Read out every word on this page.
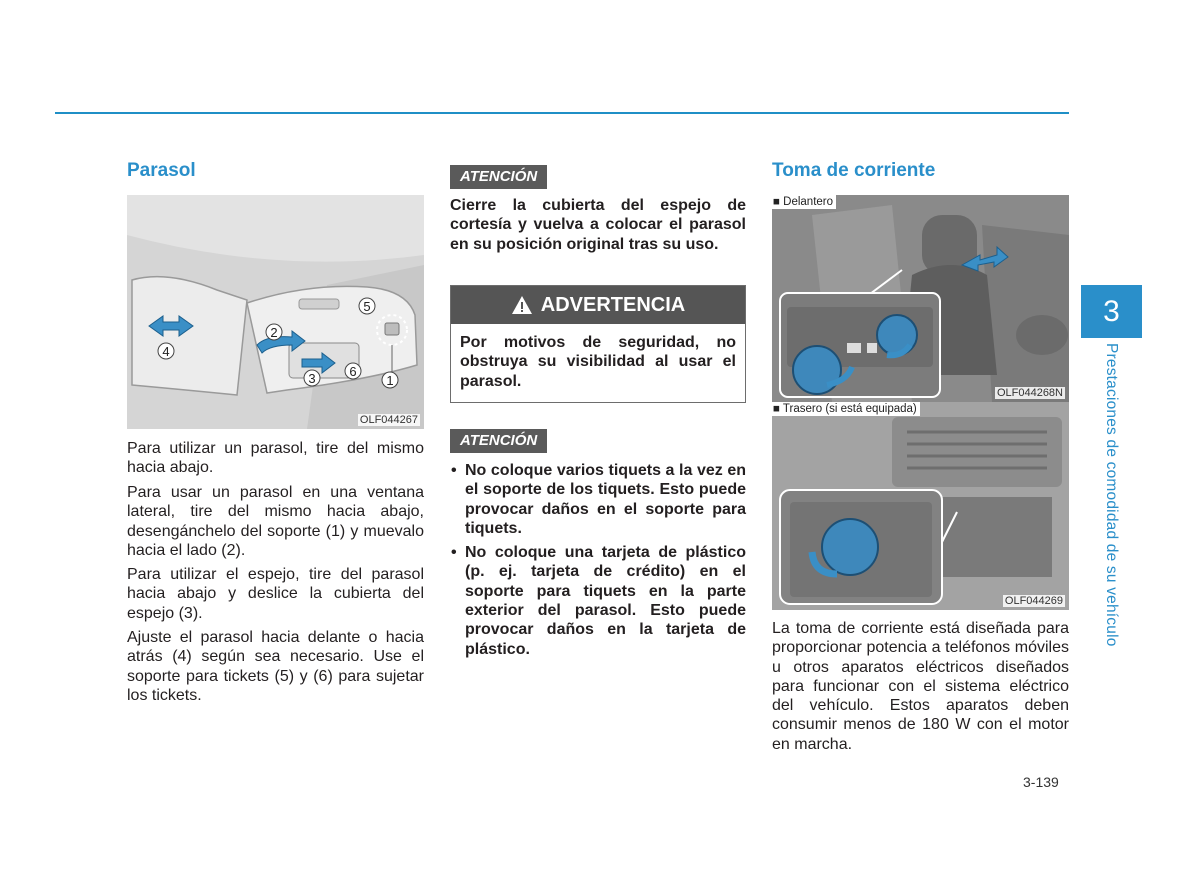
Parasol
1
2
3
4
5
6
OLF044267

Para utilizar un parasol, tire del mismo hacia abajo.

Para usar un parasol en una ventana lateral, tire del mismo hacia abajo, desengánchelo del soporte (1) y muevalo hacia el lado (2).

Para utilizar el espejo, tire del parasol hacia abajo y deslice la cubierta del espejo (3).

Ajuste el parasol hacia delante o hacia atrás (4) según sea necesario. Use el soporte para tickets (5) y (6) para sujetar los tickets.

ATENCIÓN

Cierre la cubierta del espejo de cortesía y vuelva a colocar el parasol en su posición original tras su uso.

ADVERTENCIA

Por motivos de seguridad, no obstruya su visibilidad al usar el parasol.

ATENCIÓN
• No coloque varios tiquets a la vez en el soporte de los tiquets. Esto puede provocar daños en el soporte para tiquets.
• No coloque una tarjeta de plástico (p. ej. tarjeta de crédito) en el soporte para tiquets en la parte exterior del parasol. Esto puede provocar daños en la tarjeta de plástico.
Toma de corriente
■ Delantero
OLF044268N
■ Trasero (si está equipada)
OLF044269

La toma de corriente está diseñada para proporcionar potencia a teléfonos móviles u otros aparatos eléctricos diseñados para funcionar con el sistema eléctrico del vehículo. Estos aparatos deben consumir menos de 180 W con el motor en marcha.

3
Prestaciones de comodidad de su vehículo
3-139
